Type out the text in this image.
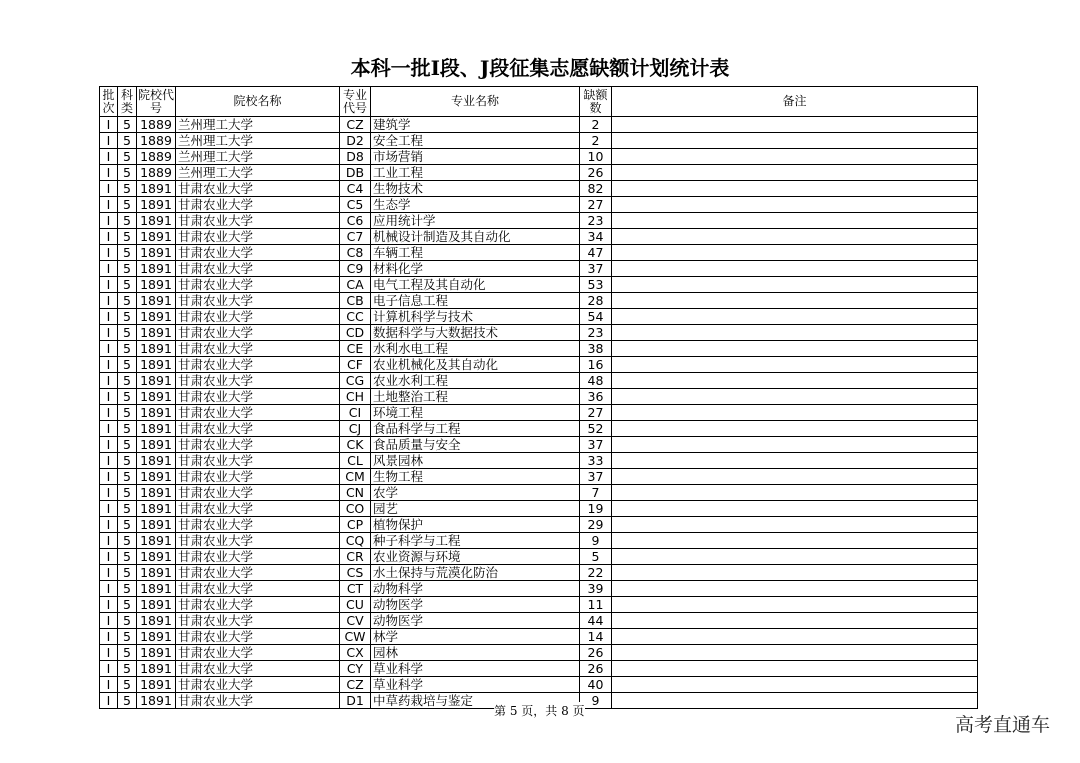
本科一批I段、J段征集志愿缺额计划统计表
批次	科类	院校代号	院校名称	专业代号	专业名称	缺额数	备注
I	5	1889	兰州理工大学	CZ	建筑学	2	
I	5	1889	兰州理工大学	D2	安全工程	2	
I	5	1889	兰州理工大学	D8	市场营销	10	
I	5	1889	兰州理工大学	DB	工业工程	26	
I	5	1891	甘肃农业大学	C4	生物技术	82	
I	5	1891	甘肃农业大学	C5	生态学	27	
I	5	1891	甘肃农业大学	C6	应用统计学	23	
I	5	1891	甘肃农业大学	C7	机械设计制造及其自动化	34	
I	5	1891	甘肃农业大学	C8	车辆工程	47	
I	5	1891	甘肃农业大学	C9	材料化学	37	
I	5	1891	甘肃农业大学	CA	电气工程及其自动化	53	
I	5	1891	甘肃农业大学	CB	电子信息工程	28	
I	5	1891	甘肃农业大学	CC	计算机科学与技术	54	
I	5	1891	甘肃农业大学	CD	数据科学与大数据技术	23	
I	5	1891	甘肃农业大学	CE	水利水电工程	38	
I	5	1891	甘肃农业大学	CF	农业机械化及其自动化	16	
I	5	1891	甘肃农业大学	CG	农业水利工程	48	
I	5	1891	甘肃农业大学	CH	土地整治工程	36	
I	5	1891	甘肃农业大学	CI	环境工程	27	
I	5	1891	甘肃农业大学	CJ	食品科学与工程	52	
I	5	1891	甘肃农业大学	CK	食品质量与安全	37	
I	5	1891	甘肃农业大学	CL	风景园林	33	
I	5	1891	甘肃农业大学	CM	生物工程	37	
I	5	1891	甘肃农业大学	CN	农学	7	
I	5	1891	甘肃农业大学	CO	园艺	19	
I	5	1891	甘肃农业大学	CP	植物保护	29	
I	5	1891	甘肃农业大学	CQ	种子科学与工程	9	
I	5	1891	甘肃农业大学	CR	农业资源与环境	5	
I	5	1891	甘肃农业大学	CS	水土保持与荒漠化防治	22	
I	5	1891	甘肃农业大学	CT	动物科学	39	
I	5	1891	甘肃农业大学	CU	动物医学	11	
I	5	1891	甘肃农业大学	CV	动物医学	44	
I	5	1891	甘肃农业大学	CW	林学	14	
I	5	1891	甘肃农业大学	CX	园林	26	
I	5	1891	甘肃农业大学	CY	草业科学	26	
I	5	1891	甘肃农业大学	CZ	草业科学	40	
I	5	1891	甘肃农业大学	D1	中草药栽培与鉴定	9	
第 5 页，共 8 页
高考直通车
